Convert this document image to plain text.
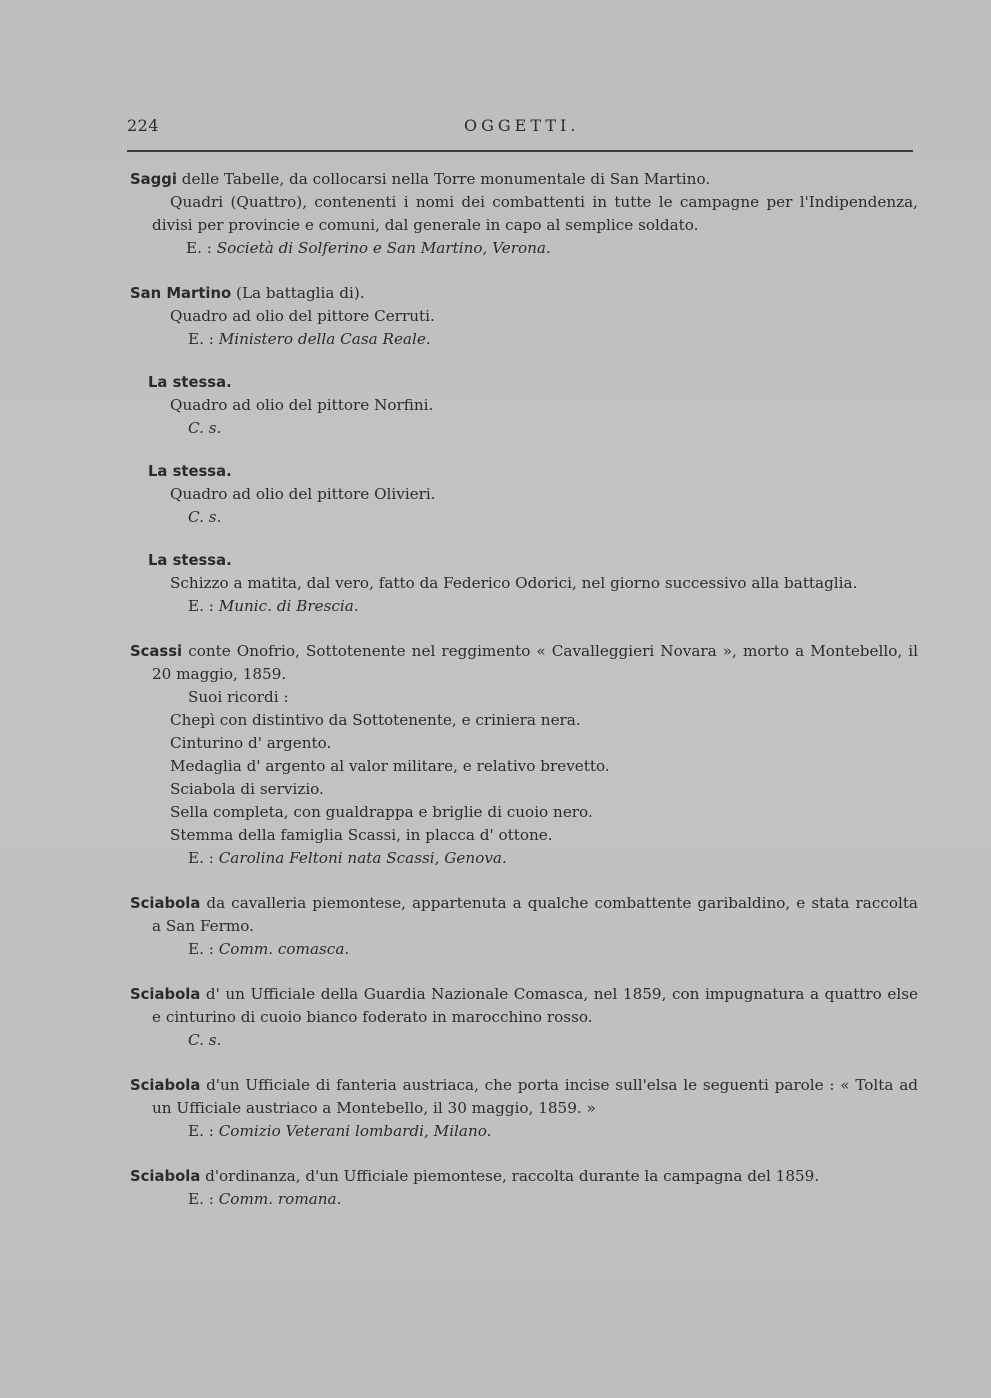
224	OGGETTI.
Saggi delle Tabelle, da collocarsi nella Torre monumentale di San Martino.
Quadri (Quattro), contenenti i nomi dei combattenti in tutte le campagne per l'Indipendenza, divisi per provincie e comuni, dal generale in capo al semplice soldato.
E. : Società di Solferino e San Martino, Verona.
San Martino (La battaglia di).
Quadro ad olio del pittore Cerruti.
E. : Ministero della Casa Reale.
La stessa.
Quadro ad olio del pittore Norfini.
C. s.
La stessa.
Quadro ad olio del pittore Olivieri.
C. s.
La stessa.
Schizzo a matita, dal vero, fatto da Federico Odorici, nel giorno successivo alla battaglia.
E. : Munic. di Brescia.
Scassi conte Onofrio, Sottotenente nel reggimento « Cavalleggieri Novara », morto a Montebello, il 20 maggio, 1859.
Suoi ricordi :
Chepì con distintivo da Sottotenente, e criniera nera.
Cinturino d' argento.
Medaglia d' argento al valor militare, e relativo brevetto.
Sciabola di servizio.
Sella completa, con gualdrappa e briglie di cuoio nero.
Stemma della famiglia Scassi, in placca d' ottone.
E. : Carolina Feltoni nata Scassi, Genova.
Sciabola da cavalleria piemontese, appartenuta a qualche combattente garibaldino, e stata raccolta a San Fermo.
E. : Comm. comasca.
Sciabola d' un Ufficiale della Guardia Nazionale Comasca, nel 1859, con impugnatura a quattro else e cinturino di cuoio bianco foderato in marocchino rosso.
C. s.
Sciabola d'un Ufficiale di fanteria austriaca, che porta incise sull'elsa le seguenti parole : « Tolta ad un Ufficiale austriaco a Montebello, il 30 maggio, 1859. »
E. : Comizio Veterani lombardi, Milano.
Sciabola d'ordinanza, d'un Ufficiale piemontese, raccolta durante la campagna del 1859.
E. : Comm. romana.
